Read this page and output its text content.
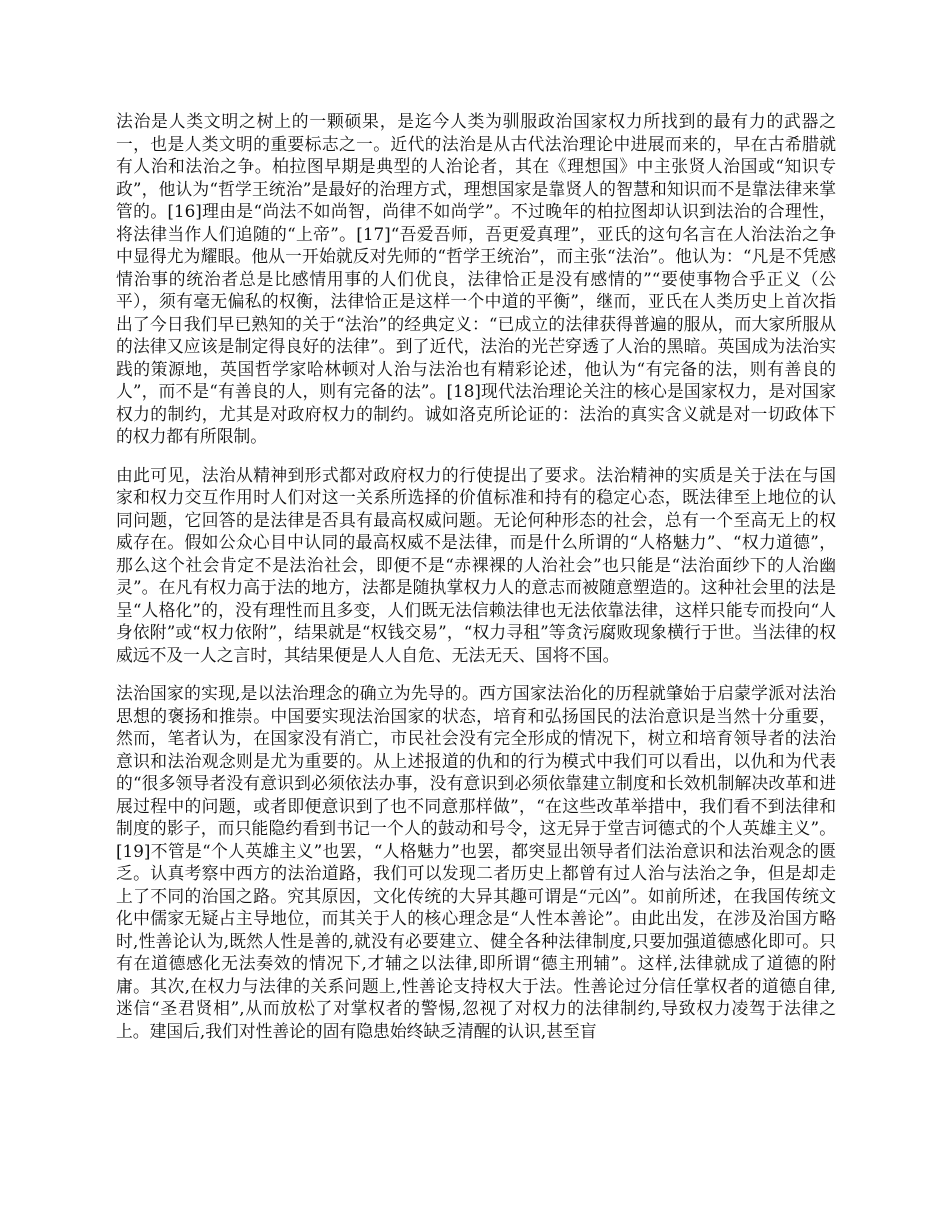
法治是人类文明之树上的一颗硕果，是迄今人类为驯服政治国家权力所找到的最有力的武器之一，也是人类文明的重要标志之一。近代的法治是从古代法治理论中进展而来的，早在古希腊就有人治和法治之争。柏拉图早期是典型的人治论者，其在《理想国》中主张贤人治国或“知识专政”，他认为“哲学王统治”是最好的治理方式，理想国家是靠贤人的智慧和知识而不是靠法律来掌管的。[16]理由是“尚法不如尚智，尚律不如尚学”。不过晚年的柏拉图却认识到法治的合理性，将法律当作人们追随的“上帝”。[17]“吾爱吾师，吾更爱真理”，亚氏的这句名言在人治法治之争中显得尤为耀眼。他从一开始就反对先师的“哲学王统治”，而主张“法治”。他认为：“凡是不凭感情治事的统治者总是比感情用事的人们优良，法律恰正是没有感情的”“要使事物合乎正义（公平），须有毫无偏私的权衡，法律恰正是这样一个中道的平衡”，继而，亚氏在人类历史上首次指出了今日我们早已熟知的关于“法治”的经典定义：“已成立的法律获得普遍的服从，而大家所服从的法律又应该是制定得良好的法律”。到了近代，法治的光芒穿透了人治的黑暗。英国成为法治实践的策源地，英国哲学家哈林顿对人治与法治也有精彩论述，他认为“有完备的法，则有善良的人”，而不是“有善良的人，则有完备的法”。[18]现代法治理论关注的核心是国家权力，是对国家权力的制约，尤其是对政府权力的制约。诚如洛克所论证的：法治的真实含义就是对一切政体下的权力都有所限制。

由此可见，法治从精神到形式都对政府权力的行使提出了要求。法治精神的实质是关于法在与国家和权力交互作用时人们对这一关系所选择的价值标准和持有的稳定心态，既法律至上地位的认同问题，它回答的是法律是否具有最高权威问题。无论何种形态的社会，总有一个至高无上的权威存在。假如公众心目中认同的最高权威不是法律，而是什么所谓的“人格魅力”、“权力道德”，那么这个社会肯定不是法治社会，即便不是“赤裸裸的人治社会”也只能是“法治面纱下的人治幽灵”。在凡有权力高于法的地方，法都是随执掌权力人的意志而被随意塑造的。这种社会里的法是呈“人格化”的，没有理性而且多变，人们既无法信赖法律也无法依靠法律，这样只能专而投向“人身依附”或“权力依附”，结果就是“权钱交易”，“权力寻租”等贪污腐败现象横行于世。当法律的权威远不及一人之言时，其结果便是人人自危、无法无天、国将不国。

法治国家的实现,是以法治理念的确立为先导的。西方国家法治化的历程就肇始于启蒙学派对法治思想的褒扬和推崇。中国要实现法治国家的状态，培育和弘扬国民的法治意识是当然十分重要，然而，笔者认为，在国家没有消亡，市民社会没有完全形成的情况下，树立和培育领导者的法治意识和法治观念则是尤为重要的。从上述报道的仇和的行为模式中我们可以看出，以仇和为代表的“很多领导者没有意识到必须依法办事，没有意识到必须依靠建立制度和长效机制解决改革和进展过程中的问题，或者即便意识到了也不同意那样做”，“在这些改革举措中，我们看不到法律和制度的影子，而只能隐约看到书记一个人的鼓动和号令，这无异于堂吉诃德式的个人英雄主义”。[19]不管是“个人英雄主义”也罢，“人格魅力”也罢，都突显出领导者们法治意识和法治观念的匮乏。认真考察中西方的法治道路，我们可以发现二者历史上都曾有过人治与法治之争，但是却走上了不同的治国之路。究其原因，文化传统的大异其趣可谓是“元凶”。如前所述，在我国传统文化中儒家无疑占主导地位，而其关于人的核心理念是“人性本善论”。由此出发，在涉及治国方略时,性善论认为,既然人性是善的,就没有必要建立、健全各种法律制度,只要加强道德感化即可。只有在道德感化无法奏效的情况下,才辅之以法律,即所谓“德主刑辅”。这样,法律就成了道德的附庸。其次,在权力与法律的关系问题上,性善论支持权大于法。性善论过分信任掌权者的道德自律,迷信“圣君贤相”,从而放松了对掌权者的警惕,忽视了对权力的法律制约,导致权力凌驾于法律之上。建国后,我们对性善论的固有隐患始终缺乏清醒的认识,甚至盲
